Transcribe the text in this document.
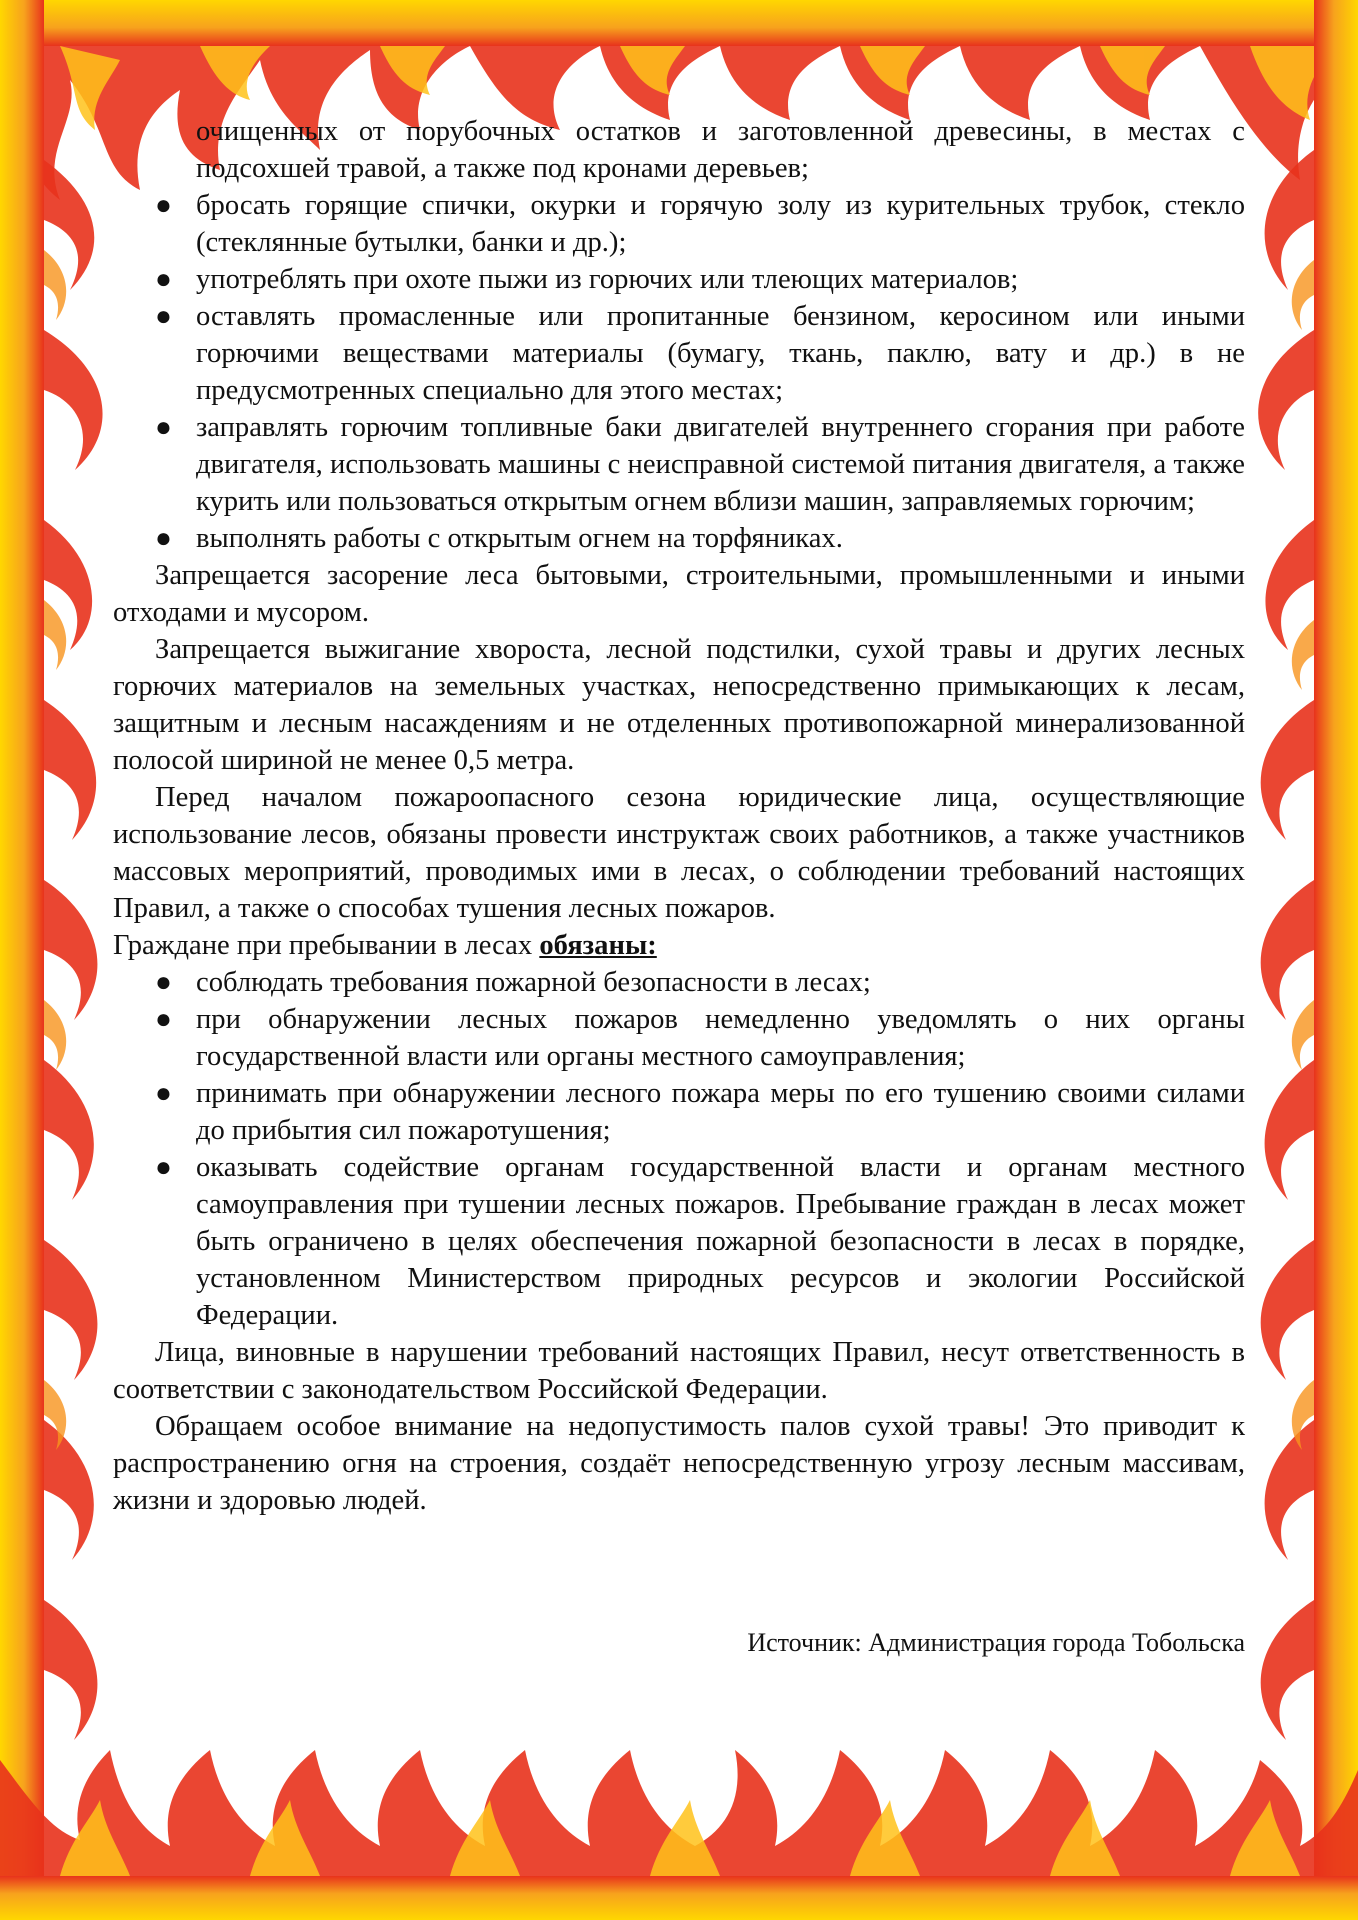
очищенных от порубочных остатков и заготовленной древесины, в местах с подсохшей травой, а также под кронами деревьев;
● бросать горящие спички, окурки и горячую золу из курительных трубок, стекло (стеклянные бутылки, банки и др.);
● употреблять при охоте пыжи из горючих или тлеющих материалов;
● оставлять промасленные или пропитанные бензином, керосином или иными горючими веществами материалы (бумагу, ткань, паклю, вату и др.) в не предусмотренных специально для этого местах;
● заправлять горючим топливные баки двигателей внутреннего сгорания при работе двигателя, использовать машины с неисправной системой питания двигателя, а также курить или пользоваться открытым огнем вблизи машин, заправляемых горючим;
● выполнять работы с открытым огнем на торфяниках.

Запрещается засорение леса бытовыми, строительными, промышленными и иными отходами и мусором.

Запрещается выжигание хвороста, лесной подстилки, сухой травы и других лесных горючих материалов на земельных участках, непосредственно примыкающих к лесам, защитным и лесным насаждениям и не отделенных противопожарной минерализованной полосой шириной не менее 0,5 метра.

Перед началом пожароопасного сезона юридические лица, осуществляющие использование лесов, обязаны провести инструктаж своих работников, а также участников массовых мероприятий, проводимых ими в лесах, о соблюдении требований настоящих Правил, а также о способах тушения лесных пожаров.

Граждане при пребывании в лесах обязаны:

● соблюдать требования пожарной безопасности в лесах;
● при обнаружении лесных пожаров немедленно уведомлять о них органы государственной власти или органы местного самоуправления;
● принимать при обнаружении лесного пожара меры по его тушению своими силами до прибытия сил пожаротушения;
● оказывать содействие органам государственной власти и органам местного самоуправления при тушении лесных пожаров. Пребывание граждан в лесах может быть ограничено в целях обеспечения пожарной безопасности в лесах в порядке, установленном Министерством природных ресурсов и экологии Российской Федерации.

Лица, виновные в нарушении требований настоящих Правил, несут ответственность в соответствии с законодательством Российской Федерации.

Обращаем особое внимание на недопустимость палов сухой травы! Это приводит к распространению огня на строения, создаёт непосредственную угрозу лесным массивам, жизни и здоровью людей.

Источник: Администрация города Тобольска
